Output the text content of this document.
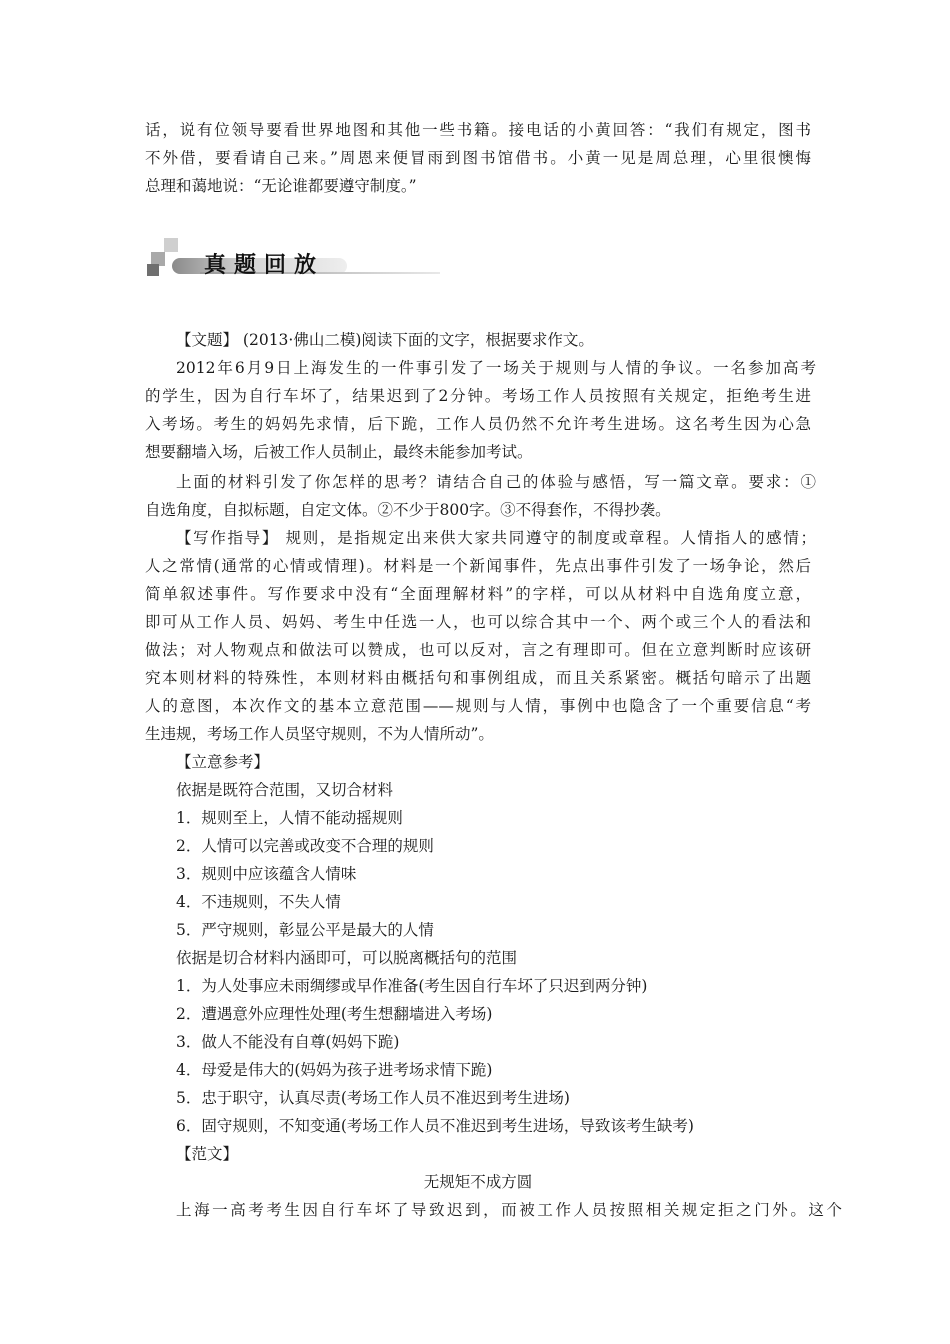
话，说有位领导要看世界地图和其他一些书籍。接电话的小黄回答：“我们有规定，图书
不外借，要看请自己来。”周恩来便冒雨到图书馆借书。小黄一见是周总理，心里很懊悔
总理和蔼地说：“无论谁都要遵守制度。”
真题回放
【文题】 (2013·佛山二模)阅读下面的文字，根据要求作文。
2012年6月9日上海发生的一件事引发了一场关于规则与人情的争议。一名参加高考
的学生，因为自行车坏了，结果迟到了2分钟。考场工作人员按照有关规定，拒绝考生进
入考场。考生的妈妈先求情，后下跪，工作人员仍然不允许考生进场。这名考生因为心急
想要翻墙入场，后被工作人员制止，最终未能参加考试。
上面的材料引发了你怎样的思考？请结合自己的体验与感悟，写一篇文章。要求：①
自选角度，自拟标题，自定文体。②不少于800字。③不得套作，不得抄袭。
【写作指导】 规则，是指规定出来供大家共同遵守的制度或章程。人情指人的感情；
人之常情(通常的心情或情理)。材料是一个新闻事件，先点出事件引发了一场争论，然后
简单叙述事件。写作要求中没有“全面理解材料”的字样，可以从材料中自选角度立意，
即可从工作人员、妈妈、考生中任选一人，也可以综合其中一个、两个或三个人的看法和
做法；对人物观点和做法可以赞成，也可以反对，言之有理即可。但在立意判断时应该研
究本则材料的特殊性，本则材料由概括句和事例组成，而且关系紧密。概括句暗示了出题
人的意图，本次作文的基本立意范围——规则与人情，事例中也隐含了一个重要信息“考
生违规，考场工作人员坚守规则，不为人情所动”。
【立意参考】
依据是既符合范围，又切合材料
1．规则至上，人情不能动摇规则
2．人情可以完善或改变不合理的规则
3．规则中应该蕴含人情味
4．不违规则，不失人情
5．严守规则，彰显公平是最大的人情
依据是切合材料内涵即可，可以脱离概括句的范围
1．为人处事应未雨绸缪或早作准备(考生因自行车坏了只迟到两分钟)
2．遭遇意外应理性处理(考生想翻墙进入考场)
3．做人不能没有自尊(妈妈下跪)
4．母爱是伟大的(妈妈为孩子进考场求情下跪)
5．忠于职守，认真尽责(考场工作人员不准迟到考生进场)
6．固守规则，不知变通(考场工作人员不准迟到考生进场，导致该考生缺考)
【范文】
无规矩不成方圆
上海一高考考生因自行车坏了导致迟到，而被工作人员按照相关规定拒之门外。这个
